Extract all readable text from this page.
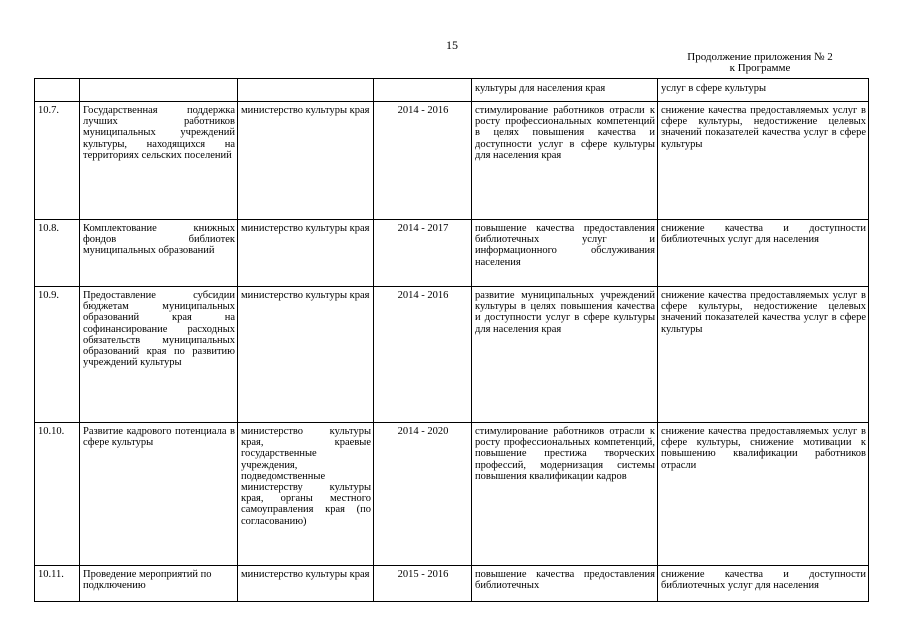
15
Продолжение приложения № 2
к Программе
				культуры для населения края	услуг в сфере культуры
10.7.	Государственная поддержка лучших работников муниципальных учреждений культуры, находящихся на территориях сельских поселений	министерство культуры края	2014 - 2016	стимулирование работников отрасли к росту профессиональных компетенций в целях повышения качества и доступности услуг в сфере культуры для населения края	снижение качества предоставляемых услуг в сфере культуры, недостижение целевых значений показателей качества услуг в сфере культуры
10.8.	Комплектование книжных фондов библиотек муниципальных образований	министерство культуры края	2014 - 2017	повышение качества предоставления библиотечных услуг и информационного обслуживания населения	снижение качества и доступности библиотечных услуг для населения
10.9.	Предоставление субсидии бюджетам муниципальных образований края на софинансирование расходных обязательств муниципальных образований края по развитию учреждений культуры	министерство культуры края	2014 - 2016	развитие муниципальных учреждений культуры в целях повышения качества и доступности услуг в сфере культуры для населения края	снижение качества предоставляемых услуг в сфере культуры, недостижение целевых значений показателей качества услуг в сфере культуры
10.10.	Развитие кадрового потенциала в сфере культуры	министерство культуры края, краевые государственные учреждения, подведомственные министерству культуры края, органы местного самоуправления края (по согласованию)	2014 - 2020	стимулирование работников отрасли к росту профессиональных компетенций, повышение престижа творческих профессий, модернизация системы повышения квалификации кадров	снижение качества предоставляемых услуг в сфере культуры, снижение мотивации к повышению квалификации работников отрасли
10.11.	Проведение мероприятий по подключению	министерство культуры края	2015 - 2016	повышение качества предоставления библиотечных	снижение качества и доступности библиотечных услуг для населения
